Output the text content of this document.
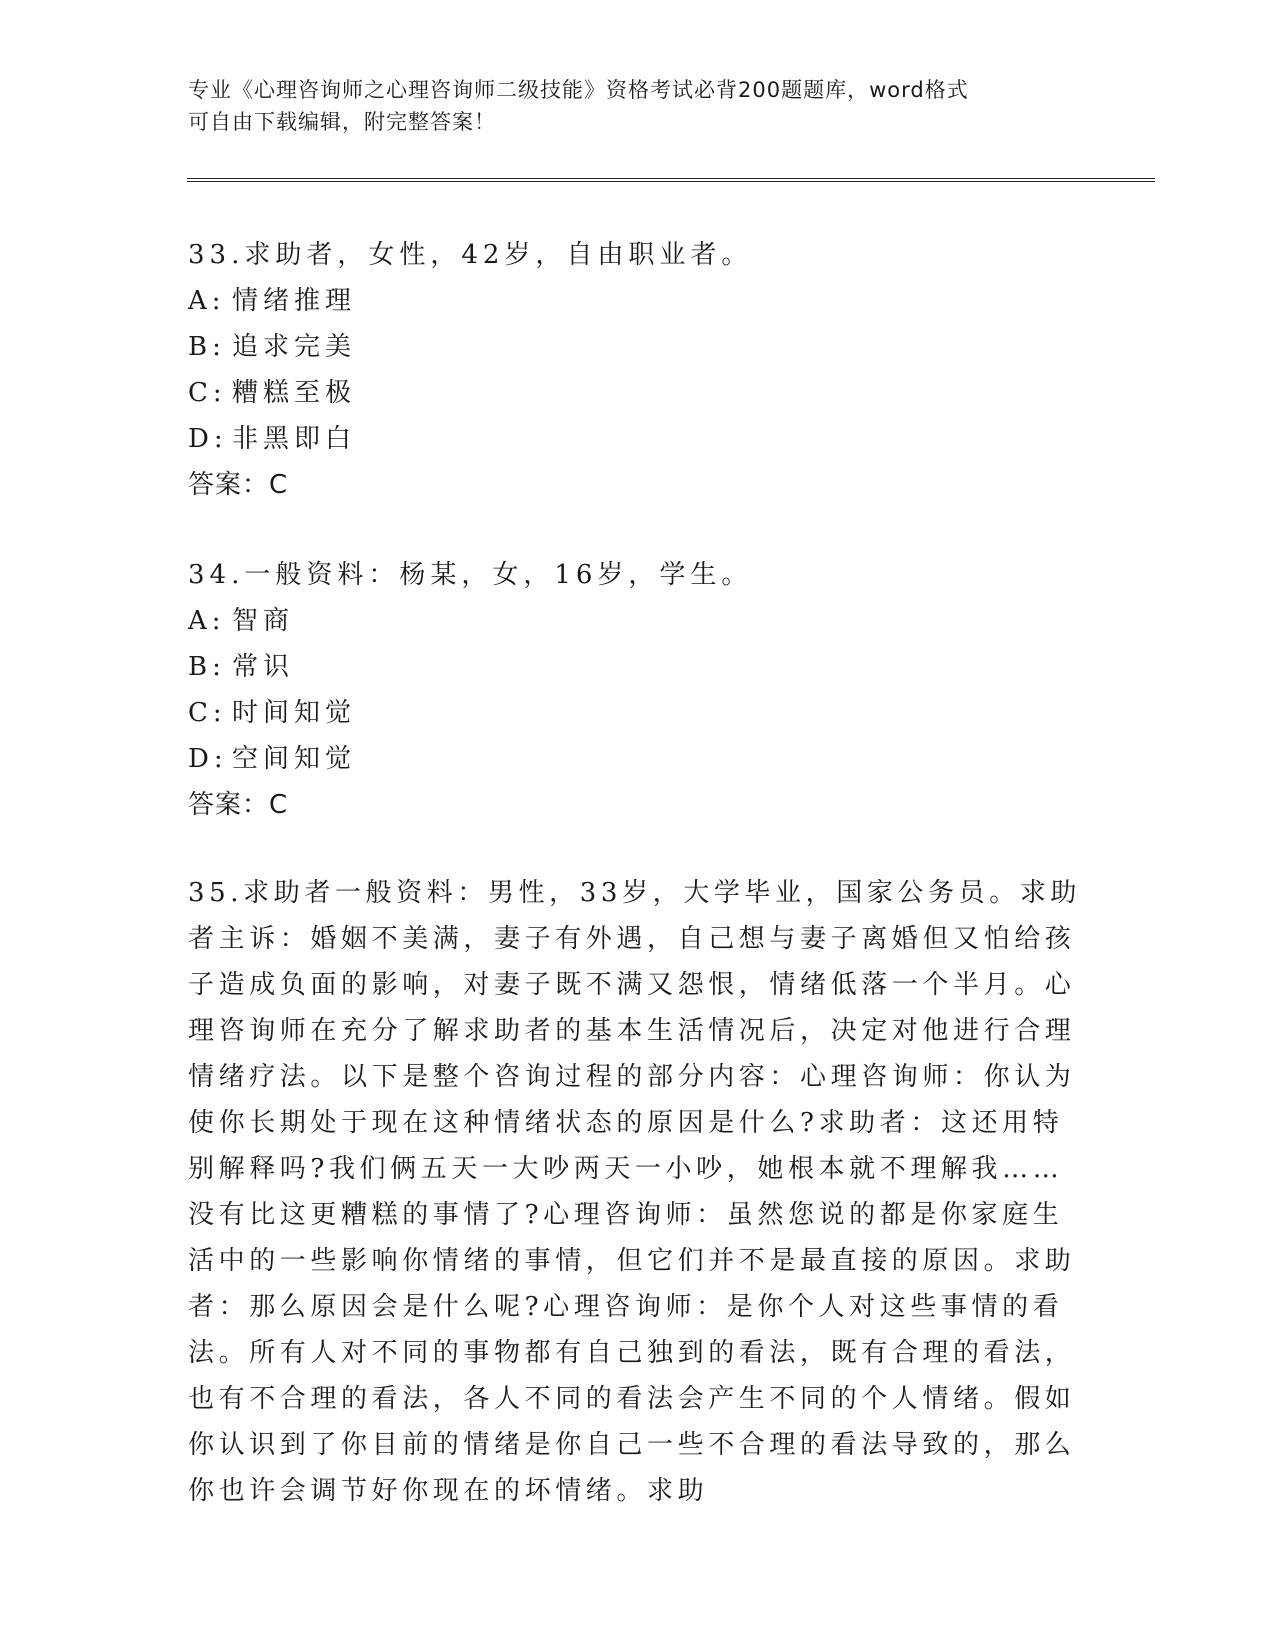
专业《心理咨询师之心理咨询师二级技能》资格考试必背200题题库，word格式
可自由下载编辑，附完整答案！

33.求助者，女性，42岁，自由职业者。

A: 情绪推理
B: 追求完美
C: 糟糕至极
D: 非黑即白
答案：C

34.一般资料：杨某，女，16岁，学生。

A: 智商
B: 常识
C: 时间知觉
D: 空间知觉
答案：C

35.求助者一般资料：男性，33岁，大学毕业，国家公务员。求助者主诉：婚姻不美满，妻子有外遇，自己想与妻子离婚但又怕给孩子造成负面的影响，对妻子既不满又怨恨，情绪低落一个半月。心理咨询师在充分了解求助者的基本生活情况后，决定对他进行合理情绪疗法。以下是整个咨询过程的部分内容：心理咨询师：你认为使你长期处于现在这种情绪状态的原因是什么?求助者：这还用特别解释吗?我们俩五天一大吵两天一小吵，她根本就不理解我……没有比这更糟糕的事情了?心理咨询师：虽然您说的都是你家庭生活中的一些影响你情绪的事情，但它们并不是最直接的原因。求助者：那么原因会是什么呢?心理咨询师：是你个人对这些事情的看法。所有人对不同的事物都有自己独到的看法，既有合理的看法，也有不合理的看法，各人不同的看法会产生不同的个人情绪。假如你认识到了你目前的情绪是你自己一些不合理的看法导致的，那么你也许会调节好你现在的坏情绪。求助
